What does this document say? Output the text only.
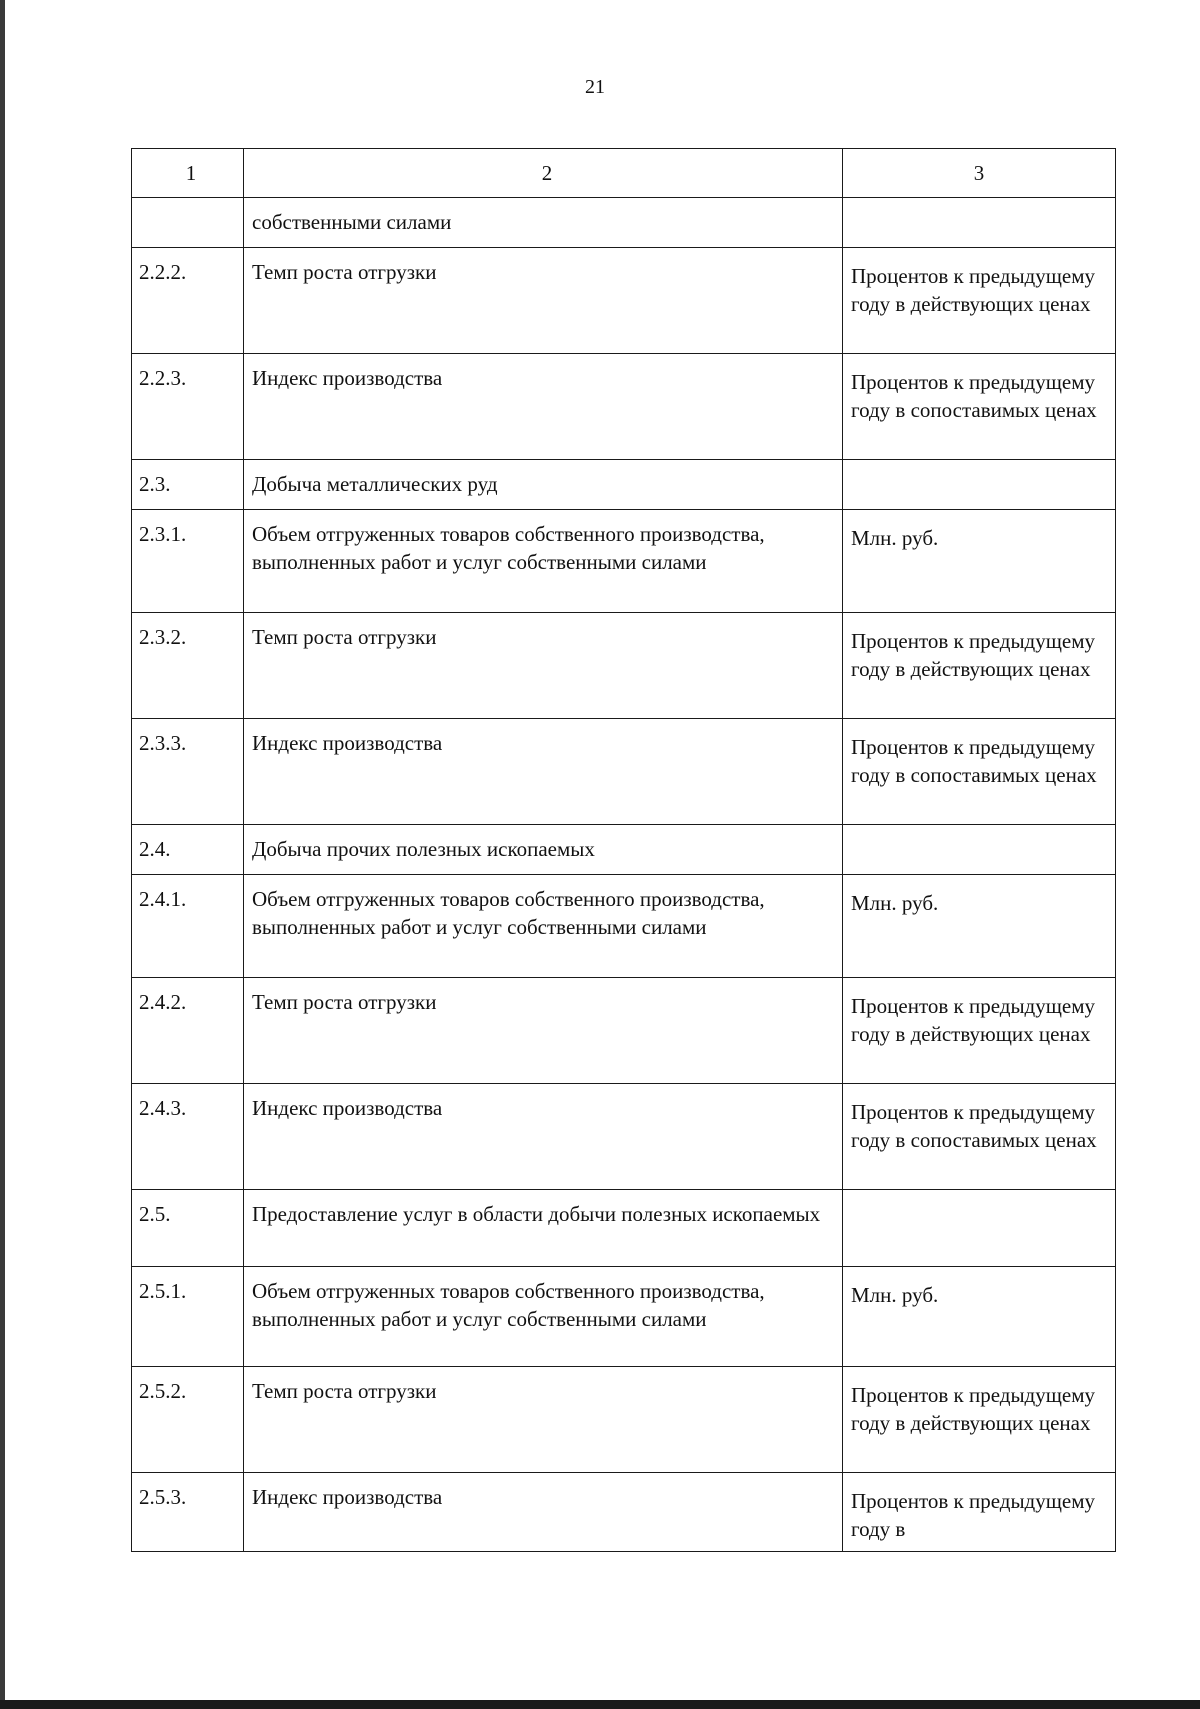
21
1	2	3
	собственными силами	

2.2.2.	Темп роста отгрузки	Процентов к предыдущему году в действующих ценах

2.2.3.	Индекс производства	Процентов к предыдущему году в сопоставимых ценах

2.3.	Добыча металлических руд	

2.3.1.	Объем отгруженных товаров собственного производства, выполненных работ и услуг собственными силами	Млн. руб.

2.3.2.	Темп роста отгрузки	Процентов к предыдущему году в действующих ценах

2.3.3.	Индекс производства	Процентов к предыдущему году в сопоставимых ценах

2.4.	Добыча прочих полезных ископаемых	

2.4.1.	Объем отгруженных товаров собственного производства, выполненных работ и услуг собственными силами	Млн. руб.

2.4.2.	Темп роста отгрузки	Процентов к предыдущему году в действующих ценах

2.4.3.	Индекс производства	Процентов к предыдущему году в сопоставимых ценах

2.5.	Предоставление услуг в области добычи полезных ископаемых	

2.5.1.	Объем отгруженных товаров собственного производства, выполненных работ и услуг собственными силами	Млн. руб.

2.5.2.	Темп роста отгрузки	Процентов к предыдущему году в действующих ценах

2.5.3.	Индекс производства	Процентов к предыдущему году в
